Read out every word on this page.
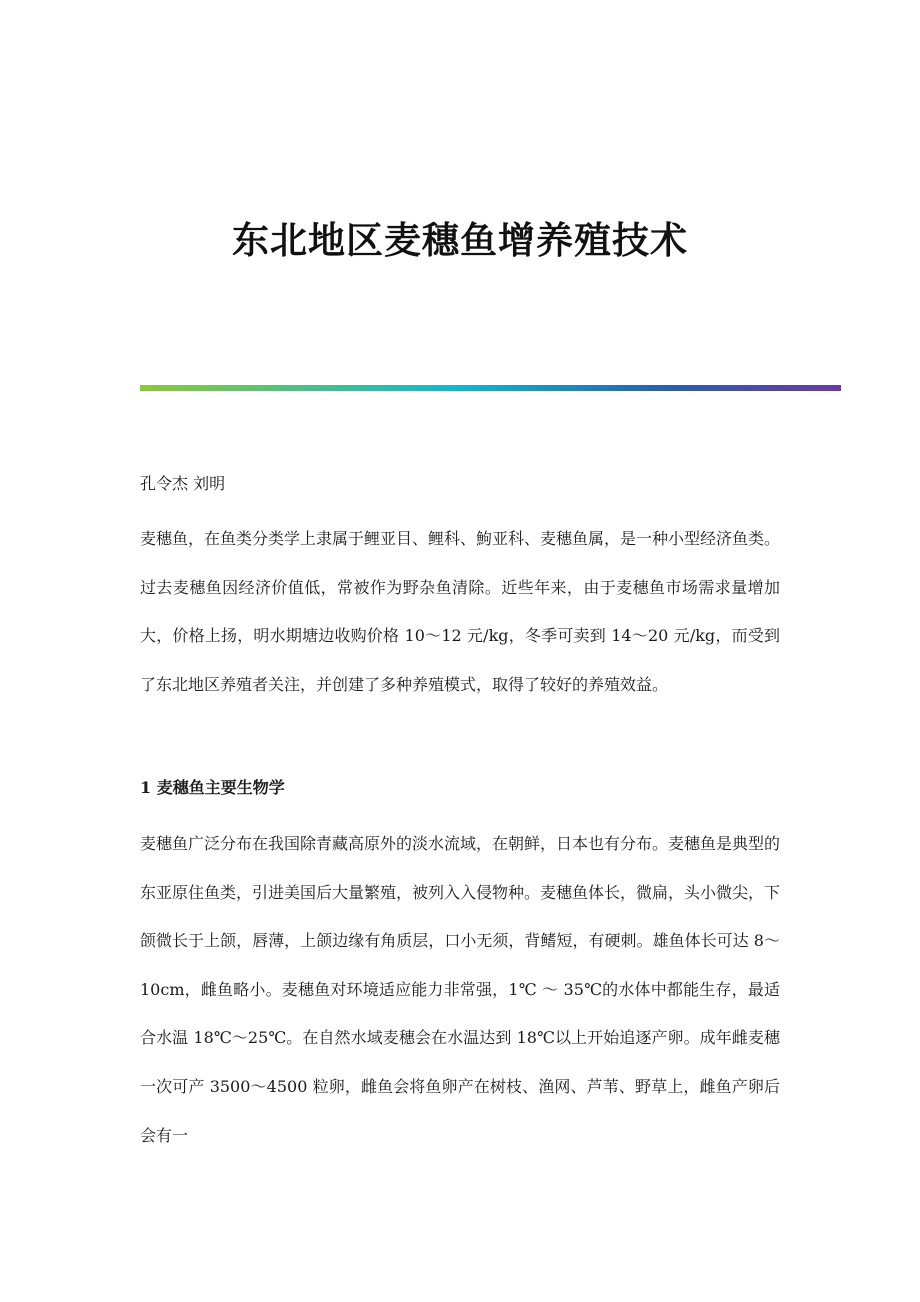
东北地区麦穗鱼增养殖技术
孔令杰 刘明

麦穗鱼，在鱼类分类学上隶属于鲤亚目、鲤科、鮈亚科、麦穗鱼属，是一种小型经济鱼类。过去麦穗鱼因经济价值低，常被作为野杂鱼清除。近些年来，由于麦穗鱼市场需求量增加大，价格上扬，明水期塘边收购价格 10～12 元/kg，冬季可卖到 14～20 元/kg，而受到了东北地区养殖者关注，并创建了多种养殖模式，取得了较好的养殖效益。

1 麦穗鱼主要生物学

麦穗鱼广泛分布在我国除青藏高原外的淡水流域，在朝鲜，日本也有分布。麦穗鱼是典型的东亚原住鱼类，引进美国后大量繁殖，被列入入侵物种。麦穗鱼体长，微扁，头小微尖，下颌微长于上颌，唇薄，上颌边缘有角质层，口小无须，背鳍短，有硬刺。雄鱼体长可达 8～10cm，雌鱼略小。麦穗鱼对环境适应能力非常强，1℃ ～ 35℃的水体中都能生存，最适合水温 18℃～25℃。在自然水域麦穗会在水温达到 18℃以上开始追逐产卵。成年雌麦穗一次可产 3500～4500 粒卵，雌鱼会将鱼卵产在树枝、渔网、芦苇、野草上，雌鱼产卵后会有一
